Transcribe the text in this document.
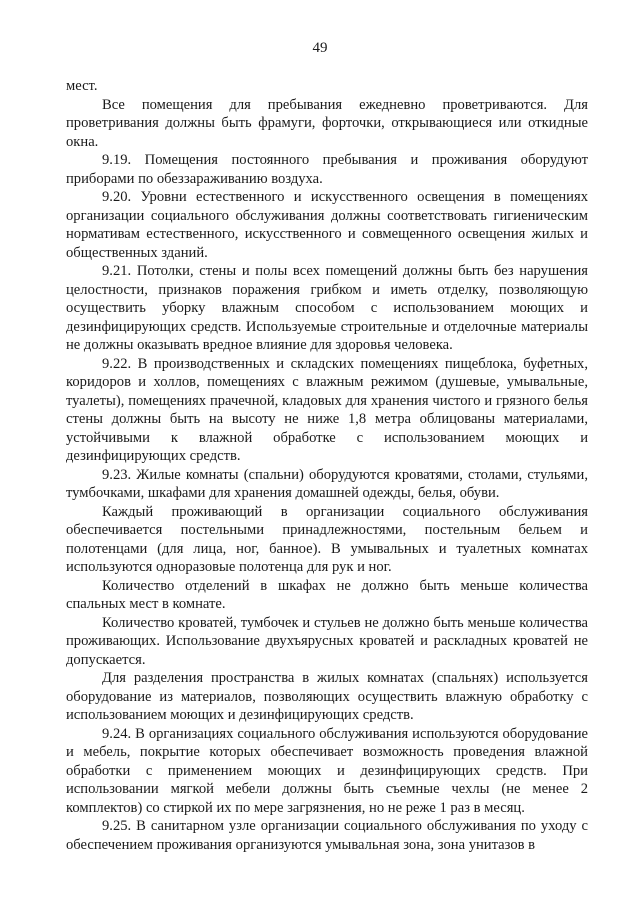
49

мест.

Все помещения для пребывания ежедневно проветриваются. Для проветривания должны быть фрамуги, форточки, открывающиеся или откидные окна.

9.19. Помещения постоянного пребывания и проживания оборудуют приборами по обеззараживанию воздуха.

9.20. Уровни естественного и искусственного освещения в помещениях организации социального обслуживания должны соответствовать гигиеническим нормативам естественного, искусственного и совмещенного освещения жилых и общественных зданий.

9.21. Потолки, стены и полы всех помещений должны быть без нарушения целостности, признаков поражения грибком и иметь отделку, позволяющую осуществить уборку влажным способом с использованием моющих и дезинфицирующих средств. Используемые строительные и отделочные материалы не должны оказывать вредное влияние для здоровья человека.

9.22. В производственных и складских помещениях пищеблока, буфетных, коридоров и холлов, помещениях с влажным режимом (душевые, умывальные, туалеты), помещениях прачечной, кладовых для хранения чистого и грязного белья стены должны быть на высоту не ниже 1,8 метра облицованы материалами, устойчивыми к влажной обработке с использованием моющих и дезинфицирующих средств.

9.23. Жилые комнаты (спальни) оборудуются кроватями, столами, стульями, тумбочками, шкафами для хранения домашней одежды, белья, обуви.

Каждый проживающий в организации социального обслуживания обеспечивается постельными принадлежностями, постельным бельем и полотенцами (для лица, ног, банное). В умывальных и туалетных комнатах используются одноразовые полотенца для рук и ног.

Количество отделений в шкафах не должно быть меньше количества спальных мест в комнате.

Количество кроватей, тумбочек и стульев не должно быть меньше количества проживающих. Использование двухъярусных кроватей и раскладных кроватей не допускается.

Для разделения пространства в жилых комнатах (спальнях) используется оборудование из материалов, позволяющих осуществить влажную обработку с использованием моющих и дезинфицирующих средств.

9.24. В организациях социального обслуживания используются оборудование и мебель, покрытие которых обеспечивает возможность проведения влажной обработки с применением моющих и дезинфицирующих средств. При использовании мягкой мебели должны быть съемные чехлы (не менее 2 комплектов) со стиркой их по мере загрязнения, но не реже 1 раз в месяц.

9.25. В санитарном узле организации социального обслуживания по уходу с обеспечением проживания организуются умывальная зона, зона унитазов в
